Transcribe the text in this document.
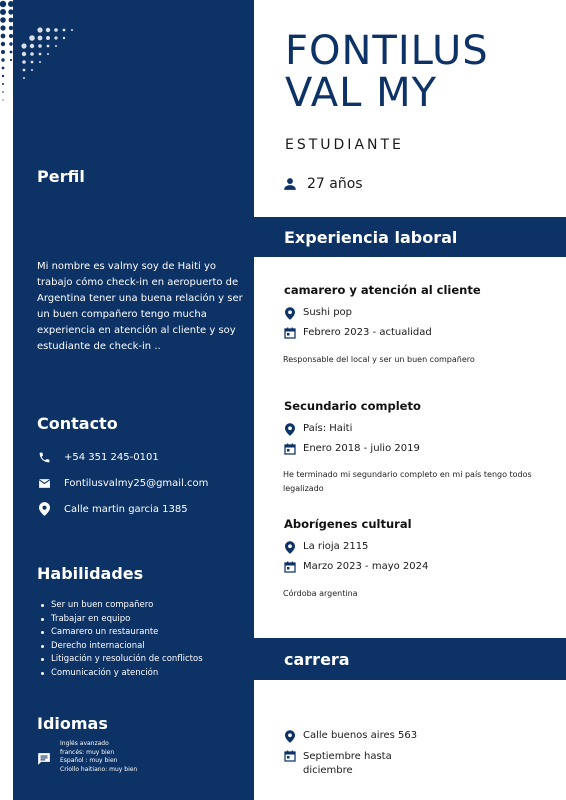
Perfil

Mi nombre es valmy soy de Haiti yo trabajo cómo check-in en aeropuerto de Argentina tener una buena relación y ser un buen compañero tengo mucha experiencia en atención al cliente y soy estudiante de check-in ..

Contacto
+54 351 245-0101
Fontilusvalmy25@gmail.com
Calle martin garcia 1385
Habilidades
Ser un buen compañero
Trabajar en equipo
Camarero un restaurante
Derecho internacional
Litigación y resolución de conflictos
Comunicación y atención
Idiomas
Inglés avanzado
francés: muy bien
Español : muy bien
Criollo haitiano: muy bien
FONTILUS
VAL MY
ESTUDIANTE
27 años
Experiencia laboral
camarero y atención al cliente
Sushi pop
Febrero 2023 - actualidad
Responsable del local y ser un buen compañero
Secundario completo
País: Haiti
Enero 2018 - julio 2019
He terminado mi segundario completo en mi país tengo todos legalizado
Aborígenes cultural
La rioja 2115
Marzo 2023 - mayo 2024
Córdoba argentina
carrera
Calle buenos aires 563
Septiembre hasta
diciembre
